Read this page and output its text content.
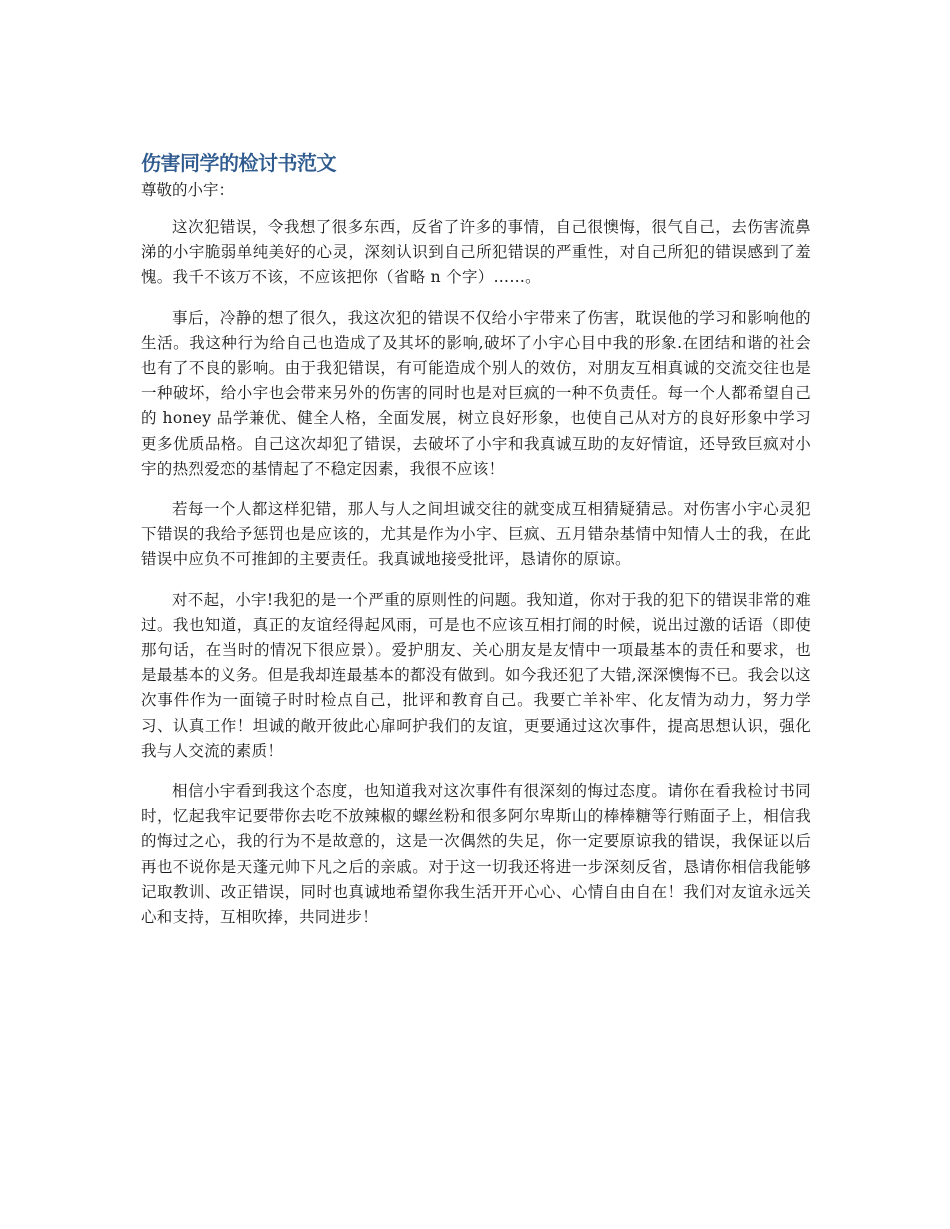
伤害同学的检讨书范文

尊敬的小宇：

这次犯错误，令我想了很多东西，反省了许多的事情，自己很懊悔，很气自己，去伤害流鼻涕的小宇脆弱单纯美好的心灵，深刻认识到自己所犯错误的严重性，对自己所犯的错误感到了羞愧。我千不该万不该，不应该把你（省略 n 个字）……。

事后，冷静的想了很久，我这次犯的错误不仅给小宇带来了伤害，耽误他的学习和影响他的生活。我这种行为给自己也造成了及其坏的影响,破坏了小宇心目中我的形象.在团结和谐的社会也有了不良的影响。由于我犯错误，有可能造成个别人的效仿，对朋友互相真诚的交流交往也是一种破坏，给小宇也会带来另外的伤害的同时也是对巨疯的一种不负责任。每一个人都希望自己的 honey 品学兼优、健全人格，全面发展，树立良好形象，也使自己从对方的良好形象中学习更多优质品格。自己这次却犯了错误，去破坏了小宇和我真诚互助的友好情谊，还导致巨疯对小宇的热烈爱恋的基情起了不稳定因素，我很不应该！

若每一个人都这样犯错，那人与人之间坦诚交往的就变成互相猜疑猜忌。对伤害小宇心灵犯下错误的我给予惩罚也是应该的，尤其是作为小宇、巨疯、五月错杂基情中知情人士的我，在此错误中应负不可推卸的主要责任。我真诚地接受批评，恳请你的原谅。

对不起，小宇!我犯的是一个严重的原则性的问题。我知道，你对于我的犯下的错误非常的难过。我也知道，真正的友谊经得起风雨，可是也不应该互相打闹的时候，说出过激的话语（即使那句话，在当时的情况下很应景）。爱护朋友、关心朋友是友情中一项最基本的责任和要求，也是最基本的义务。但是我却连最基本的都没有做到。如今我还犯了大错,深深懊悔不已。我会以这次事件作为一面镜子时时检点自己，批评和教育自己。我要亡羊补牢、化友情为动力，努力学习、认真工作！坦诚的敞开彼此心扉呵护我们的友谊，更要通过这次事件，提高思想认识，强化我与人交流的素质！

相信小宇看到我这个态度，也知道我对这次事件有很深刻的悔过态度。请你在看我检讨书同时，忆起我牢记要带你去吃不放辣椒的螺丝粉和很多阿尔卑斯山的棒棒糖等行贿面子上，相信我的悔过之心，我的行为不是故意的，这是一次偶然的失足，你一定要原谅我的错误，我保证以后再也不说你是天蓬元帅下凡之后的亲戚。对于这一切我还将进一步深刻反省，恳请你相信我能够记取教训、改正错误，同时也真诚地希望你我生活开开心心、心情自由自在！我们对友谊永远关心和支持，互相吹捧，共同进步！
